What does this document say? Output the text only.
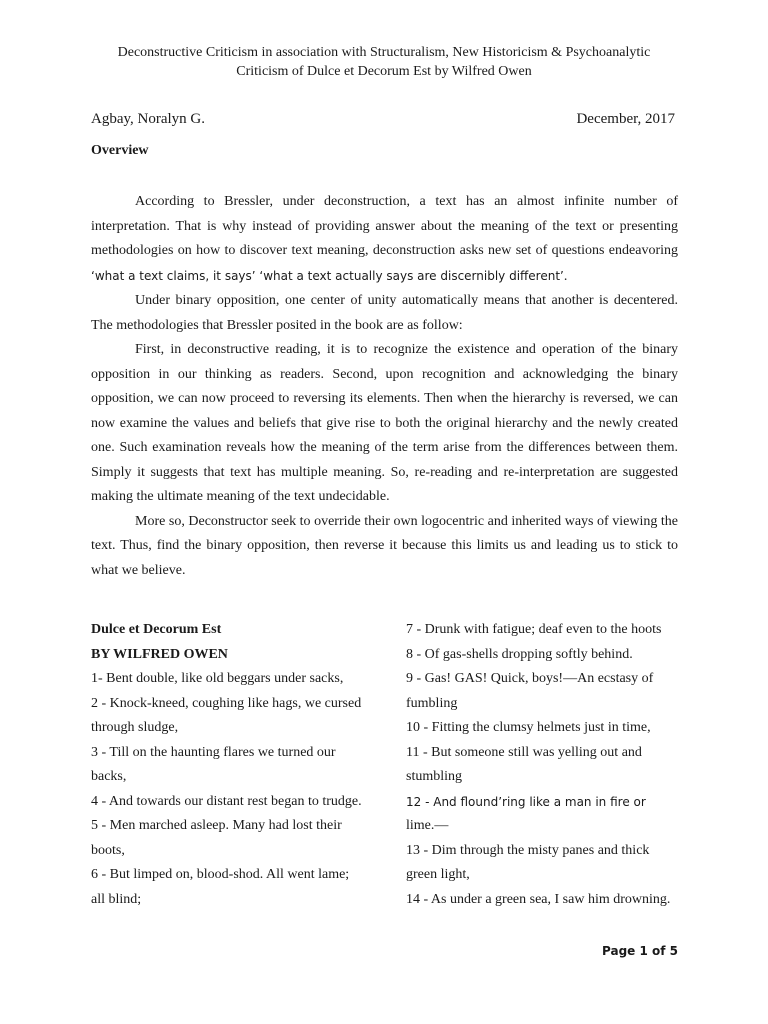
Deconstructive Criticism in association with Structuralism, New Historicism & Psychoanalytic
Criticism of Dulce et Decorum Est by Wilfred Owen
Agbay, Noralyn G.	December, 2017
Overview

According to Bressler, under deconstruction, a text has an almost infinite number of interpretation. That is why instead of providing answer about the meaning of the text or presenting methodologies on how to discover text meaning, deconstruction asks new set of questions endeavoring ‘what a text claims, it says’ ‘what a text actually says are discernibly different’.

Under binary opposition, one center of unity automatically means that another is decentered. The methodologies that Bressler posited in the book are as follow:

First, in deconstructive reading, it is to recognize the existence and operation of the binary opposition in our thinking as readers. Second, upon recognition and acknowledging the binary opposition, we can now proceed to reversing its elements. Then when the hierarchy is reversed, we can now examine the values and beliefs that give rise to both the original hierarchy and the newly created one. Such examination reveals how the meaning of the term arise from the differences between them. Simply it suggests that text has multiple meaning. So, re-reading and re-interpretation are suggested making the ultimate meaning of the text undecidable.

More so, Deconstructor seek to override their own logocentric and inherited ways of viewing the text. Thus, find the binary opposition, then reverse it because this limits us and leading us to stick to what we believe.

Dulce et Decorum Est
BY WILFRED OWEN
1- Bent double, like old beggars under sacks,
2 - Knock-kneed, coughing like hags, we cursed
through sludge,
3 - Till on the haunting flares we turned our
backs,
4 - And towards our distant rest began to trudge.
5 - Men marched asleep. Many had lost their
boots,
6 - But limped on, blood-shod. All went lame;
all blind;
7 - Drunk with fatigue; deaf even to the hoots
8 - Of gas-shells dropping softly behind.
9 - Gas! GAS! Quick, boys!—An ecstasy of
fumbling
10 - Fitting the clumsy helmets just in time,
11 - But someone still was yelling out and
stumbling
12 - And flound’ring like a man in fire or
lime.—
13 - Dim through the misty panes and thick
green light,
14 - As under a green sea, I saw him drowning.
Page 1 of 5
